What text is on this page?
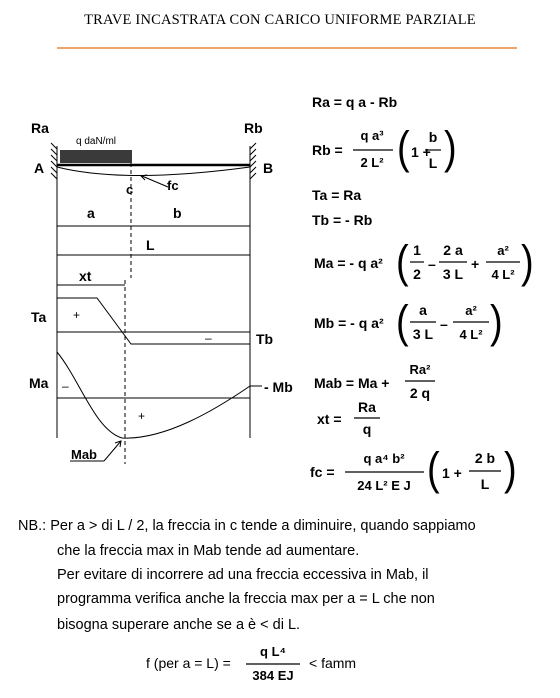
TRAVE INCASTRATA CON CARICO UNIFORME PARZIALE
Ra	Rb
A	B
q daN/ml
c	fc
a	b
L
xt
Ta
Tb
Ma	- Mb
Mab
+
–
–
+
Ra = q a - Rb
Rb =
q a³
2 L² ( 1 +
b
L )
Ta = Ra
Tb = - Rb
Ma = - q a² ( 1
2
–
2 a
3 L
+
a²
4 L² )
Mb = - q a² ( a
3 L
–
a²
4 L² )
Mab = Ma +
Ra²
2 q
xt =
Ra
q
fc =
q a⁴ b²
24 L² E J ( 1 +
2 b
L )
f (per a = L) =
q L⁴
384 EJ
< famm
NB.: Per a > di L / 2, la freccia in c tende a diminuire, quando sappiamo
che la freccia max in Mab tende ad aumentare.
Per evitare di incorrere ad una freccia eccessiva in Mab, il
programma verifica anche la freccia max per a = L che non
bisogna superare anche se a è < di L.
